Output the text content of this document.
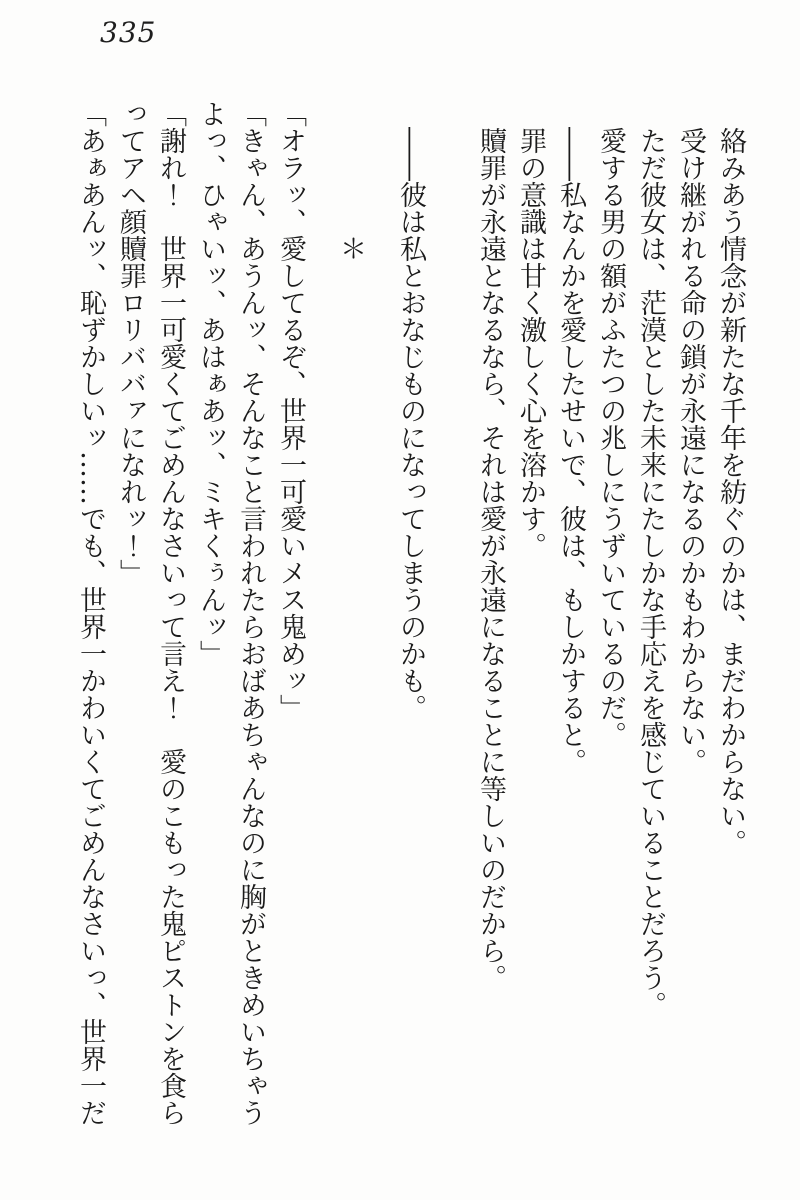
335

絡みあう情念が新たな千年を紡ぐのかは、まだわからない。

受け継がれる命の鎖が永遠になるのかもわからない。

ただ彼女は、茫漠とした未来にたしかな手応えを感じていることだろう。

愛する男の額がふたつの兆しにうずいているのだ。

――私なんかを愛したせいで、彼は、もしかすると。

罪の意識は甘く激しく心を溶かす。

贖罪が永遠となるなら、それは愛が永遠になることに等しいのだから。

――彼は私とおなじものになってしまうのかも。

＊

「オラッ、愛してるぞ、世界一可愛いメス鬼めッ」

「きゃん、あうんッ、そんなこと言われたらおばあちゃんなのに胸がときめいちゃうよっ、ひゃいッ、あはぁあッ、ミキくぅんッ」

「謝れ！　世界一可愛くてごめんなさいって言え！　愛のこもった鬼ピストンを食らってアヘ顔贖罪ロリババァになれッ！」

「あぁあんッ、恥ずかしいッ……でも、世界一かわいくてごめんなさいっ、世界一だ
